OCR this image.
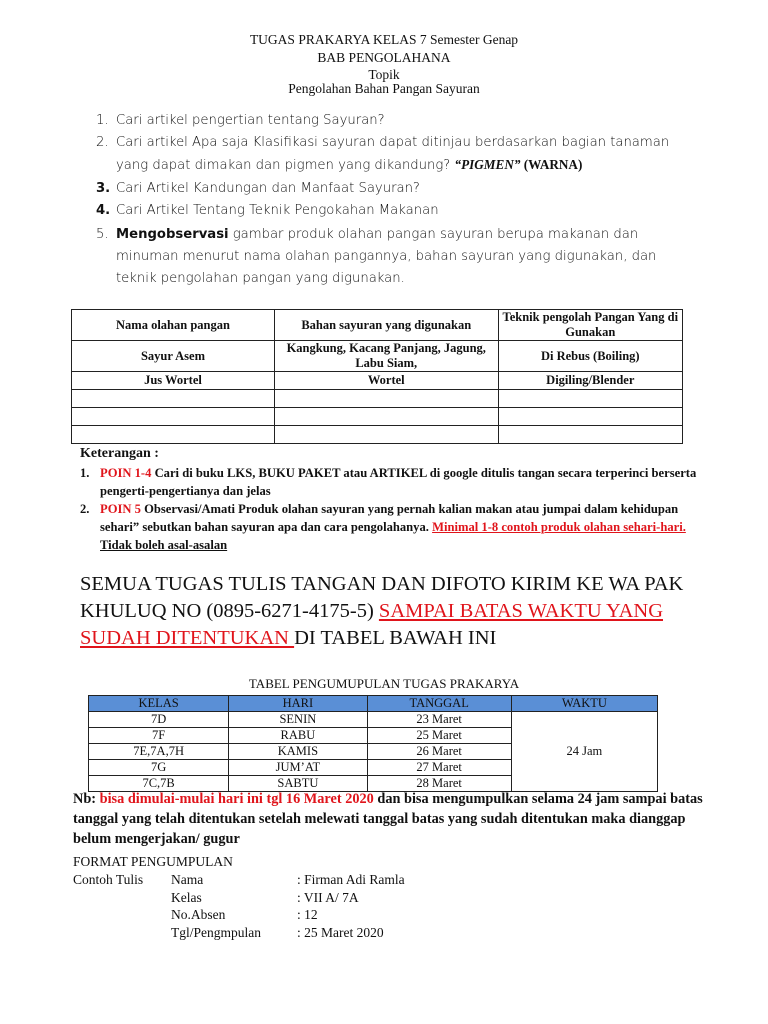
TUGAS PRAKARYA KELAS 7 Semester Genap
BAB PENGOLAHANA
Topik
Pengolahan Bahan Pangan Sayuran
1. Cari artikel pengertian tentang Sayuran?
2. Cari artikel Apa saja Klasifikasi sayuran dapat ditinjau berdasarkan bagian tanaman yang dapat dimakan dan pigmen yang dikandung? “PIGMEN” (WARNA)
3. Cari Artikel Kandungan dan Manfaat Sayuran?
4. Cari Artikel Tentang Teknik Pengokahan Makanan
5. Mengobservasi gambar produk olahan pangan sayuran berupa makanan dan minuman menurut nama olahan pangannya, bahan sayuran yang digunakan, dan teknik pengolahan pangan yang digunakan.
Nama olahan pangan	Bahan sayuran yang digunakan	Teknik pengolah Pangan Yang di Gunakan
Sayur Asem	Kangkung, Kacang Panjang, Jagung, Labu Siam,	Di Rebus (Boiling)
Jus Wortel	Wortel	Digiling/Blender

Keterangan :
1. POIN 1-4 Cari di buku LKS, BUKU PAKET atau ARTIKEL di google ditulis tangan secara terperinci berserta pengerti-pengertianya dan jelas
2. POIN 5 Observasi/Amati Produk olahan sayuran yang pernah kalian makan atau jumpai dalam kehidupan sehari” sebutkan bahan sayuran apa dan cara pengolahanya. Minimal 1-8 contoh produk olahan sehari-hari. Tidak boleh asal-asalan
SEMUA TUGAS TULIS TANGAN DAN DIFOTO KIRIM KE WA PAK KHULUQ NO (0895-6271-4175-5) SAMPAI BATAS WAKTU YANG SUDAH DITENTUKAN DI TABEL BAWAH INI
TABEL PENGUMUPULAN TUGAS PRAKARYA
KELAS	HARI	TANGGAL	WAKTU
7D	SENIN	23 Maret	24 Jam
7F	RABU	25 Maret	
7E,7A,7H	KAMIS	26 Maret	
7G	JUM’AT	27 Maret	
7C,7B	SABTU	28 Maret	
Nb: bisa dimulai-mulai hari ini tgl 16 Maret 2020 dan bisa mengumpulkan selama 24 jam sampai batas tanggal yang telah ditentukan setelah melewati tanggal batas yang sudah ditentukan maka dianggap belum mengerjakan/ gugur
FORMAT PENGUMPULAN
Contoh Tulis Nama	: Firman Adi Ramla
Kelas	: VII A/ 7A
No.Absen	: 12
Tgl/Pengmpulan	: 25 Maret 2020
